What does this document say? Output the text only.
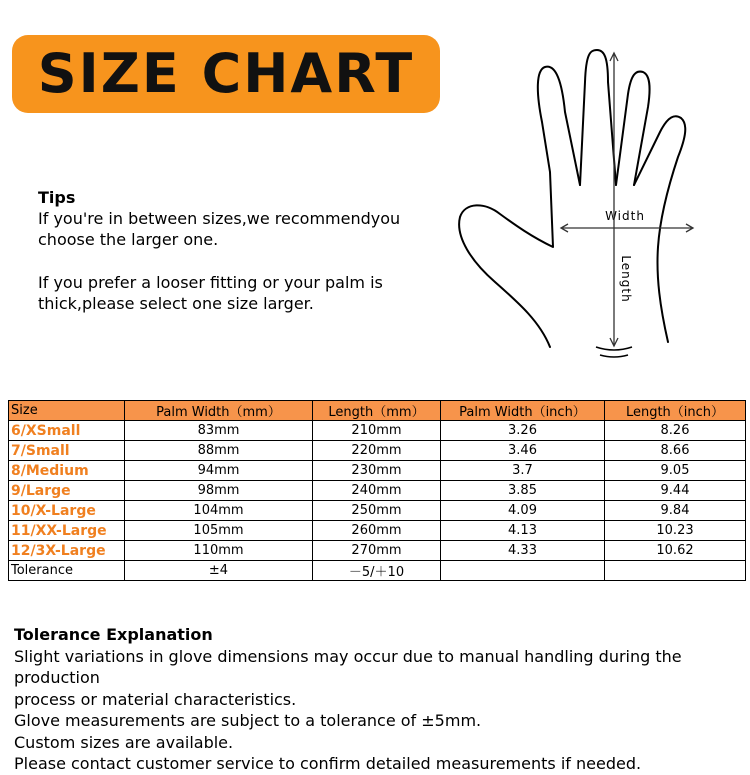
SIZE CHART

Tips

If you're in between sizes,we recommendyou

choose the larger one.

If you prefer a looser fitting or your palm is

thick,please select one size larger.

Width
Length
Size	Palm Width（mm）	Length（mm）	Palm Width（inch）	Length（inch）
6/XSmall	83mm	210mm	3.26	8.26
7/Small	88mm	220mm	3.46	8.66
8/Medium	94mm	230mm	3.7	9.05
9/Large	98mm	240mm	3.85	9.44
10/X-Large	104mm	250mm	4.09	9.84
11/XX-Large	105mm	260mm	4.13	10.23
12/3X-Large	110mm	270mm	4.33	10.62
Tolerance	±4	－5/＋10		

Tolerance Explanation

Slight variations in glove dimensions may occur due to manual handling during the production

process or material characteristics.

Glove measurements are subject to a tolerance of ±5mm.

Custom sizes are available.

Please contact customer service to confirm detailed measurements if needed.
